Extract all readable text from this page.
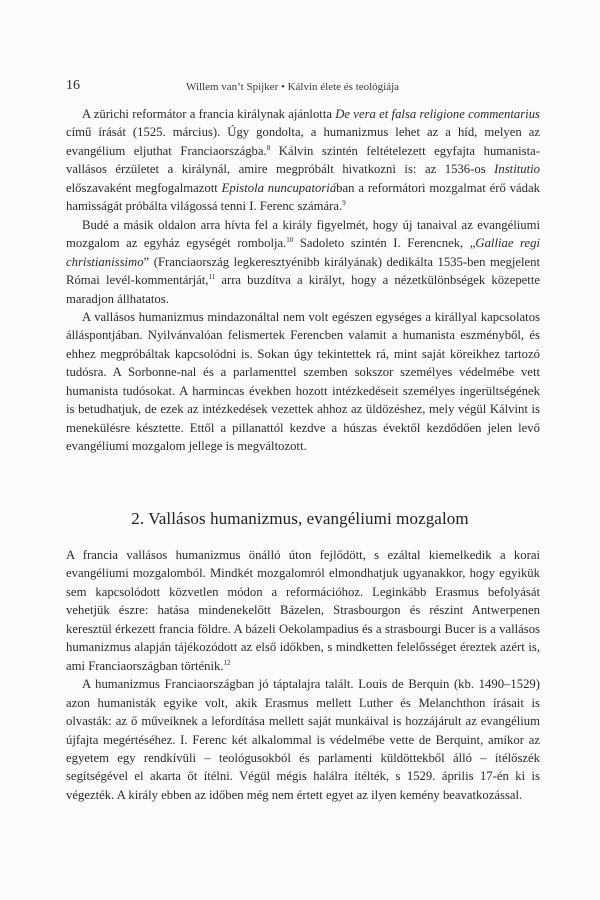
16	Willem van’t Spijker • Kálvin élete és teológiája

A zürichi reformátor a francia királynak ajánlotta De vera et falsa religione commentarius című írását (1525. március). Úgy gondolta, a humanizmus lehet az a híd, melyen az evangélium eljuthat Franciaországba.$^8$ Kálvin szintén feltételezett egyfajta humanista-vallásos érzületet a királynál, amire megpróbált hivatkozni is: az 1536-os Institutio előszavaként megfogalmazott Epistola nuncupatoriában a reformátori mozgalmat érő vádak hamisságát próbálta világossá tenni I. Ferenc számára.$^9$

Budé a másik oldalon arra hívta fel a király figyelmét, hogy új tanaival az evangéliumi mozgalom az egyház egységét rombolja.$^{10}$ Sadoleto szintén I. Ferencnek, „Galliae regi christianissimo” (Franciaország legkeresztyénibb királyának) dedikálta 1535-ben megjelent Római levél-kommentárját,$^{11}$ arra buzdítva a királyt, hogy a nézetkülönbségek közepette maradjon állhatatos.

A vallásos humanizmus mindazonáltal nem volt egészen egységes a királlyal kapcsolatos álláspontjában. Nyilvánvalóan felismertek Ferencben valamit a humanista eszményből, és ehhez megpróbáltak kapcsolódni is. Sokan úgy tekintettek rá, mint saját köreikhez tartozó tudósra. A Sorbonne-nal és a parlamenttel szemben sokszor személyes védelmébe vett humanista tudósokat. A harmincas években hozott intézkedéseit személyes ingerültségének is betudhatjuk, de ezek az intézkedések vezettek ahhoz az üldözéshez, mely végül Kálvint is menekülésre késztette. Ettől a pillanattól kezdve a húszas évektől kezdődően jelen levő evangéliumi mozgalom jellege is megváltozott.

2. Vallásos humanizmus, evangéliumi mozgalom

A francia vallásos humanizmus önálló úton fejlődött, s ezáltal kiemelkedik a korai evangéliumi mozgalomból. Mindkét mozgalomról elmondhatjuk ugyanakkor, hogy egyikük sem kapcsolódott közvetlen módon a reformációhoz. Leginkább Erasmus befolyását vehetjük észre: hatása mindenekelőtt Bázelen, Strasbourgon és részint Antwerpenen keresztül érkezett francia földre. A bázeli Oekolampadius és a strasbourgi Bucer is a vallásos humanizmus alapján tájékozódott az első időkben, s mindketten felelősséget éreztek azért is, ami Franciaországban történik.$^{12}$

A humanizmus Franciaországban jó táptalajra talált. Louis de Berquin (kb. 1490–1529) azon humanisták egyike volt, akik Erasmus mellett Luther és Melanchthon írásait is olvasták: az ő műveiknek a lefordítása mellett saját munkáival is hozzájárult az evangélium újfajta megértéséhez. I. Ferenc két alkalommal is védelmébe vette de Berquint, amikor az egyetem egy rendkívüli – teológusokból és parlamenti küldöttekből álló – ítélőszék segítségével el akarta őt ítélni. Végül mégis halálra ítélték, s 1529. április 17-én ki is végezték. A király ebben az időben még nem értett egyet az ilyen kemény beavatkozással.
